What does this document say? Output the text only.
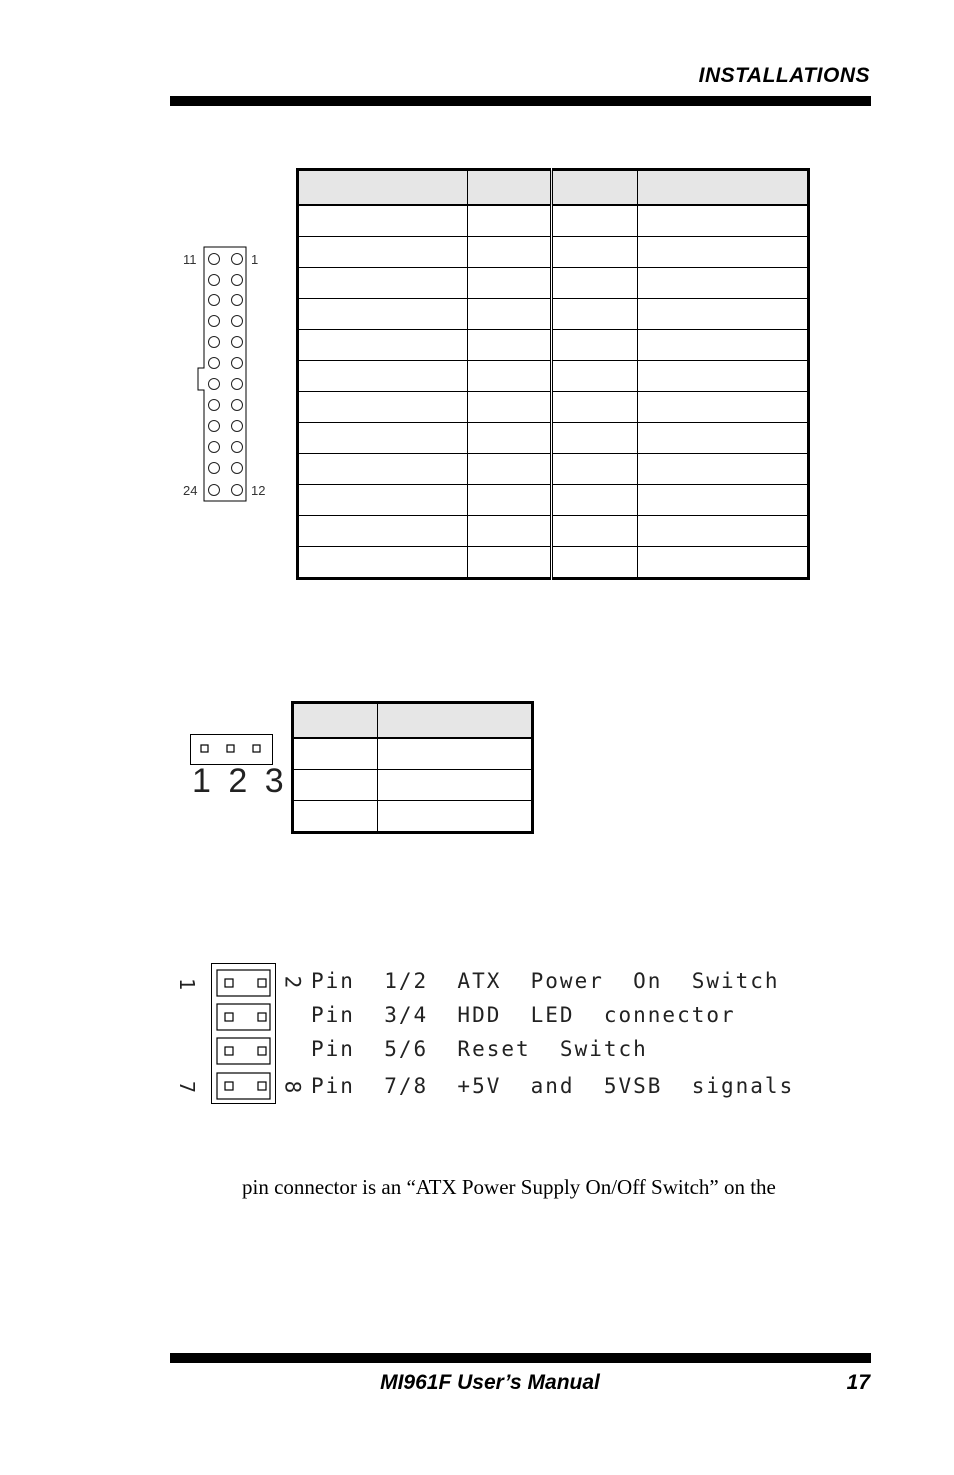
INSTALLATIONS
11	1
24	12

1 2 3

1
7
2
8
Pin  1/2  ATX  Power  On  Switch
Pin  3/4  HDD  LED  connector
Pin  5/6  Reset  Switch
Pin  7/8  +5V  and  5VSB  signals
pin connector is an “ATX Power Supply On/Off Switch” on the
MI961F User’s Manual	17
